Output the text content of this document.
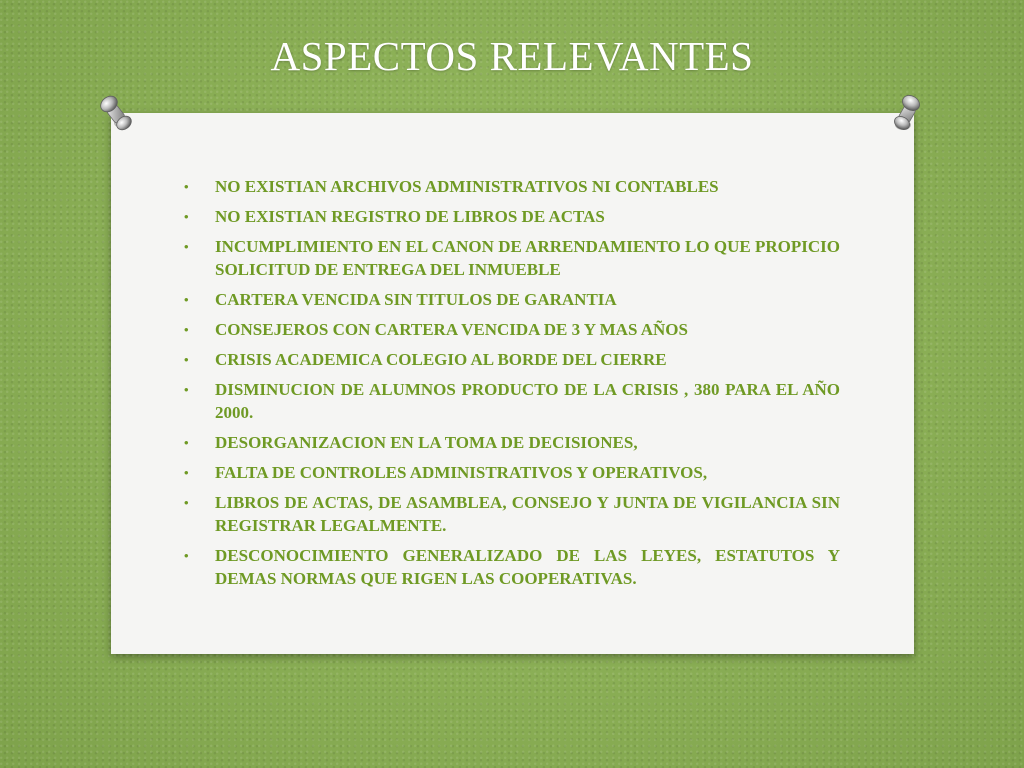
ASPECTOS RELEVANTES
• NO EXISTIAN ARCHIVOS ADMINISTRATIVOS NI CONTABLES
• NO EXISTIAN REGISTRO DE LIBROS DE ACTAS
• INCUMPLIMIENTO EN EL CANON DE ARRENDAMIENTO LO QUE PROPICIO SOLICITUD DE ENTREGA DEL INMUEBLE
• CARTERA VENCIDA SIN TITULOS DE GARANTIA
• CONSEJEROS CON CARTERA VENCIDA DE 3 Y MAS AÑOS
• CRISIS ACADEMICA COLEGIO AL BORDE DEL CIERRE
• DISMINUCION DE ALUMNOS PRODUCTO DE LA CRISIS , 380 PARA EL AÑO 2000.
• DESORGANIZACION EN LA TOMA DE DECISIONES,
• FALTA DE CONTROLES ADMINISTRATIVOS Y OPERATIVOS,
• LIBROS DE ACTAS, DE ASAMBLEA, CONSEJO Y JUNTA DE VIGILANCIA SIN REGISTRAR LEGALMENTE.
• DESCONOCIMIENTO GENERALIZADO DE LAS LEYES, ESTATUTOS Y DEMAS NORMAS QUE RIGEN LAS COOPERATIVAS.
